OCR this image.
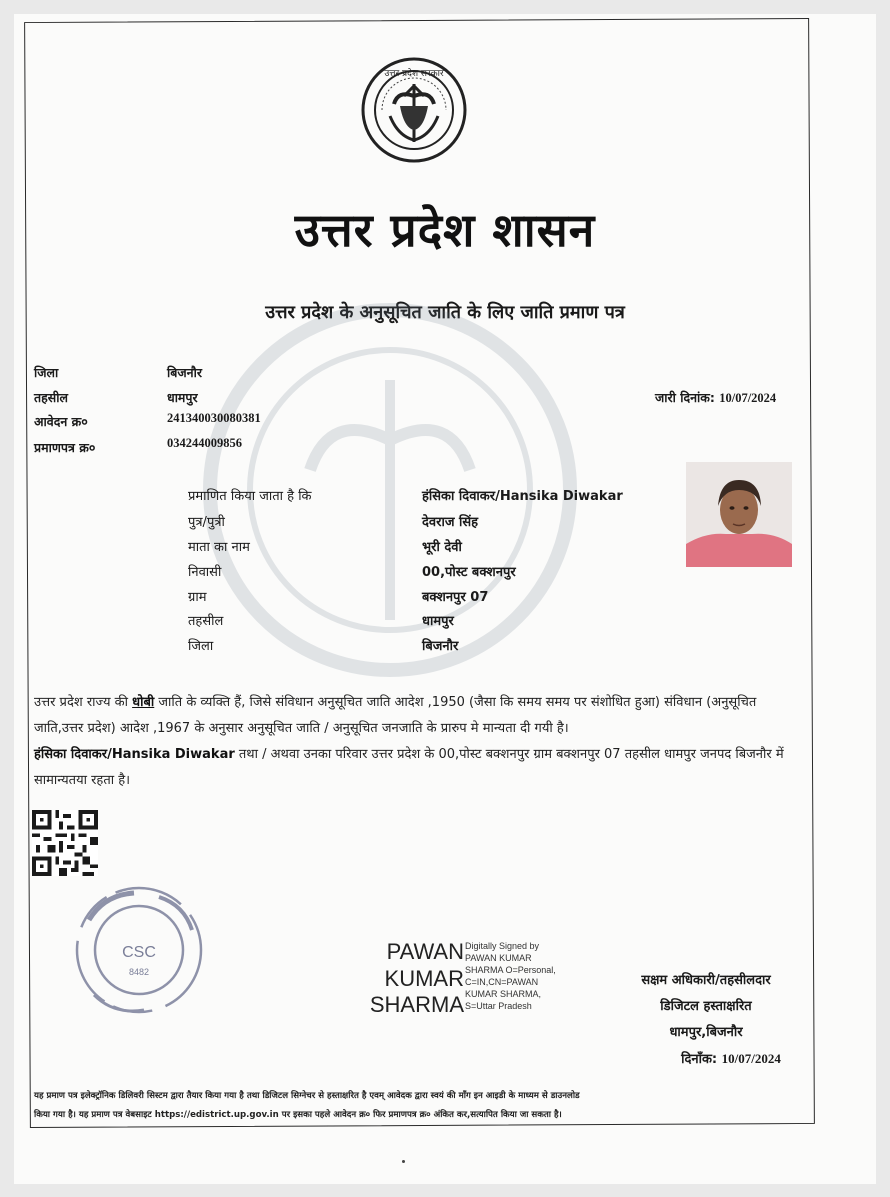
उत्तर प्रदेश सरकार
उत्तर प्रदेश शासन
उत्तर प्रदेश के अनुसूचित जाति के लिए जाति प्रमाण पत्र
जिला	बिजनौर
तहसील	धामपुर
आवेदन क्र०	241340030080381
प्रमाणपत्र क्र०	034244009856
जारी दिनांक: 10/07/2024
प्रमाणित किया जाता है कि	हंसिका दिवाकर/Hansika Diwakar
पुत्र/पुत्री	देवराज सिंह
माता का नाम	भूरी देवी
निवासी	00,पोस्ट बक्शनपुर
ग्राम	बक्शनपुर 07
तहसील	धामपुर
जिला	बिजनौर
उत्तर प्रदेश राज्य की धोबी जाति के व्यक्ति हैं, जिसे संविधान अनुसूचित जाति आदेश ,1950 (जैसा कि समय समय पर संशोधित हुआ) संविधान (अनुसूचित जाति,उत्तर प्रदेश) आदेश ,1967 के अनुसार अनुसूचित जाति / अनुसूचित जनजाति के प्रारुप मे मान्यता दी गयी है।
हंसिका दिवाकर/Hansika Diwakar तथा / अथवा उनका परिवार उत्तर प्रदेश के 00,पोस्ट बक्शनपुर ग्राम बक्शनपुर 07 तहसील धामपुर जनपद बिजनौर में सामान्यतया रहता है।
CSC
8482
PAWAN
KUMAR
SHARMA
Digitally Signed by
PAWAN KUMAR
SHARMA O=Personal,
C=IN,CN=PAWAN
KUMAR SHARMA,
S=Uttar Pradesh
सक्षम अधिकारी/तहसीलदार
डिजिटल हस्ताक्षरित
धामपुर,बिजनौर
दिनाँक: 10/07/2024
यह प्रमाण पत्र इलेक्ट्रॉनिक डिलिवरी सिस्टम द्वारा तैयार किया गया है तथा डिजिटल सिग्नेचर से हस्ताक्षरित है एवम् आवेदक द्वारा स्वयं की माँग इन आइडी के माध्यम से डाउनलोड
किया गया है। यह प्रमाण पत्र वेबसाइट https://edistrict.up.gov.in पर इसका पहले आवेदन क्र० फिर प्रमाणपत्र क्र० अंकित कर,सत्यापित किया जा सकता है।
